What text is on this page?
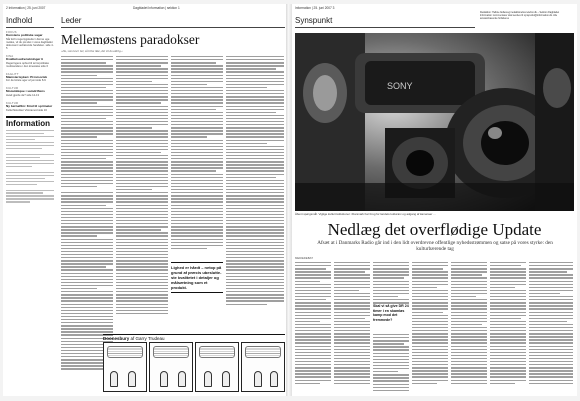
2 Information | 25. juni 2007	Dagbladet Information | sektion 1
Indhold	Leder
FOKUS
Kunstens politiske sager
Når EU's regeringsleder i dénne uge mødes, vil du på sitet i vores dagbladet dokument vedrørende handelen. side 4-5
KINA
Kvalitetsudrenskninger ti
Regeringens opbud til terrorpolitiske modstandere i den kinesiske side 6
FAGLITT
Mamsterisyken: Provisorisk
For de første uger af juni side 8-9
KULTUR
Mozambique i samdriftens
Hvad gjorde de? side 12-13
KULTUR
Ny børnefilm: Kind til sprimeter
Kulturhistoriker Vitoriamod side 16
Information
Mellemøstens paradokser
»Du, som leser her, så blive ikke, det vil du aldrig.«
Lighed er hårdt – netop på grund af præcis ubeslutte- ste kvalitetet i detaljer og målsætning som et produkt.
Doonesbury af Garry Trudeau
Information | 25. juni 2007 3
Synspunkt
Redaktion: Hellste fællesregi redaktionelles telefon.dk – Sektion Dagbladet Information: kommentarer skal sendes til synspunkt@information.dk. Alle ansvarshavende forfatteres
SONY
Åbent spørgsmål. Vigtige kulturinstitutioner i Danmark har brug for landets kulturarv og adgang af kameraer ...
Nedlæg det overflødige Update
Afsæt at i Danmarks Radio går ind i den lidt overdrevne offentlige nyhedsstrømmen og satse på vores styrke: den kulturbærende tag
MEDIEDEBAT
Skal vi så give DR 24 timer i en skamløs kamp mod det fremmede?
